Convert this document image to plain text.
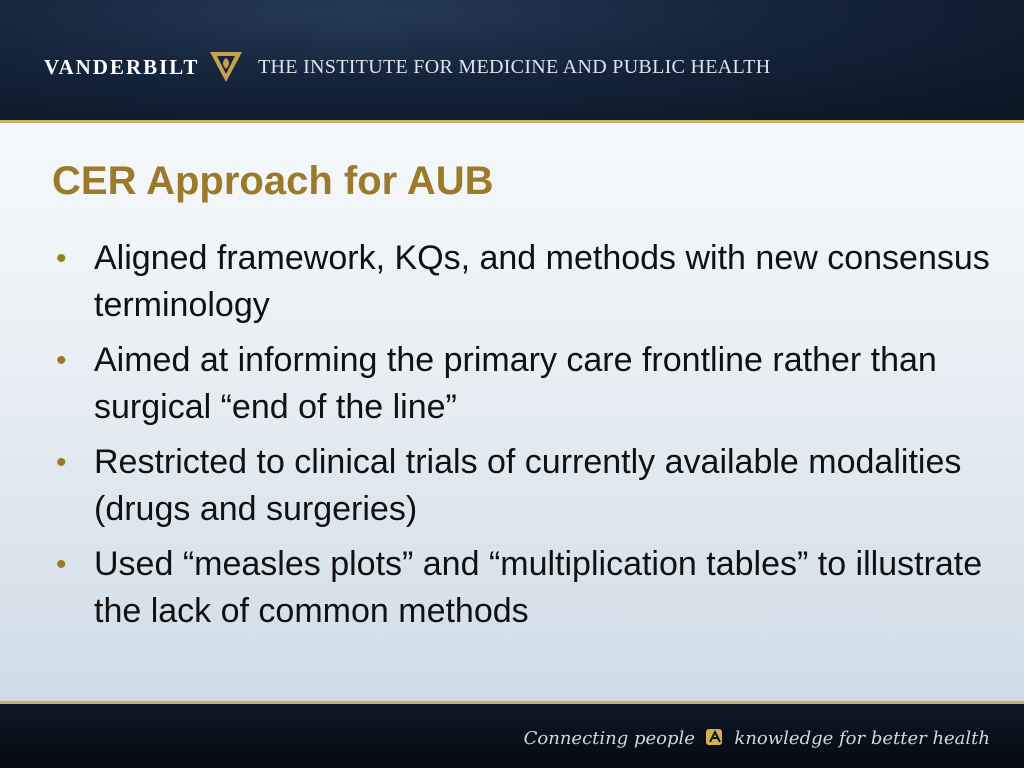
VANDERBILT	THE INSTITUTE FOR MEDICINE AND PUBLIC HEALTH
CER Approach for AUB
• Aligned framework, KQs, and methods with new consensus terminology
• Aimed at informing the primary care frontline rather than surgical “end of the line”
• Restricted to clinical trials of currently available modalities (drugs and surgeries)
• Used “measles plots” and “multiplication tables” to illustrate the lack of common methods
Connecting people knowledge for better health
